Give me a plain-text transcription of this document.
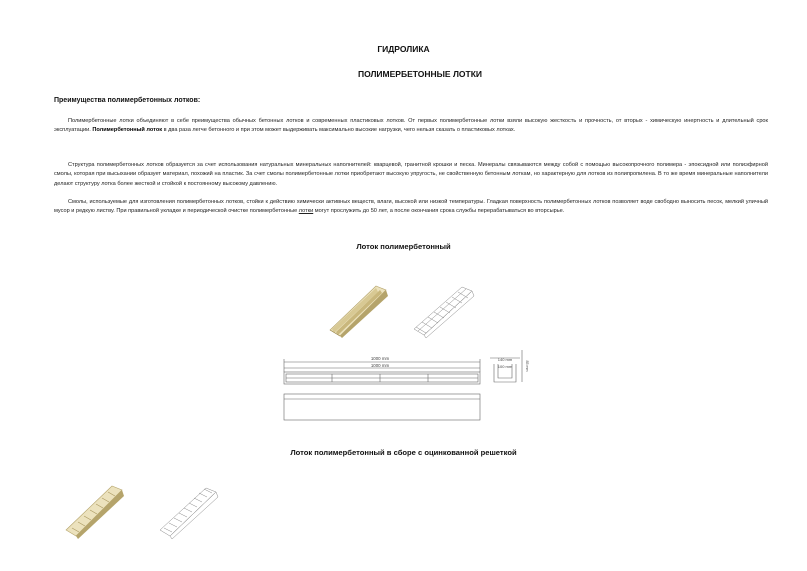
ГИДРОЛИКА
ПОЛИМЕРБЕТОННЫЕ ЛОТКИ
Преимущества полимербетонных лотков:
Полимербетонные лотки объединяют в себе преимущества обычных бетонных лотков и современных пластиковых лотков. От первых полимербетонные лотки взяли высокую жесткость и прочность, от вторых - химическую инертность и длительный срок эксплуатации. Полимербетонный лоток в два раза легче бетонного и при этом может выдерживать максимально высокие нагрузки, чего нельзя сказать о пластиковых лотках.
Структура полимербетонных лотков образуется за счет использования натуральных минеральных наполнителей: кварцевой, гранитной крошки и песка. Минералы связываются между собой с помощью высокопрочного полимера - эпоксидной или полиэфирной смолы, которая при высыхании образует материал, похожий на пластик. За счет смолы полимербетонные лотки приобретают высокую упругость, не свойственную бетонным лоткам, но характерную для лотков из полипропилена. В то же время минеральные наполнители делают структуру лотка более жесткой и стойкой к постоянному высокому давлению.
Смолы, используемые для изготовления полимербетонных лотков, стойки к действию химически активных веществ, влаги, высокой или низкой температуры. Гладкая поверхность полимербетонных лотков позволяет воде свободно выносить песок, мелкий уличный мусор и редкую листву. При правильной укладке и периодической очистке полимербетонные лотки могут прослужить до 50 лет, а после окончания срока службы перерабатываться во вторсырье.
Лоток полимербетонный
1000 mm
1000 mm
140 mm
100 mm	85 mm
Лоток полимербетонный в сборе с оцинкованной решеткой
